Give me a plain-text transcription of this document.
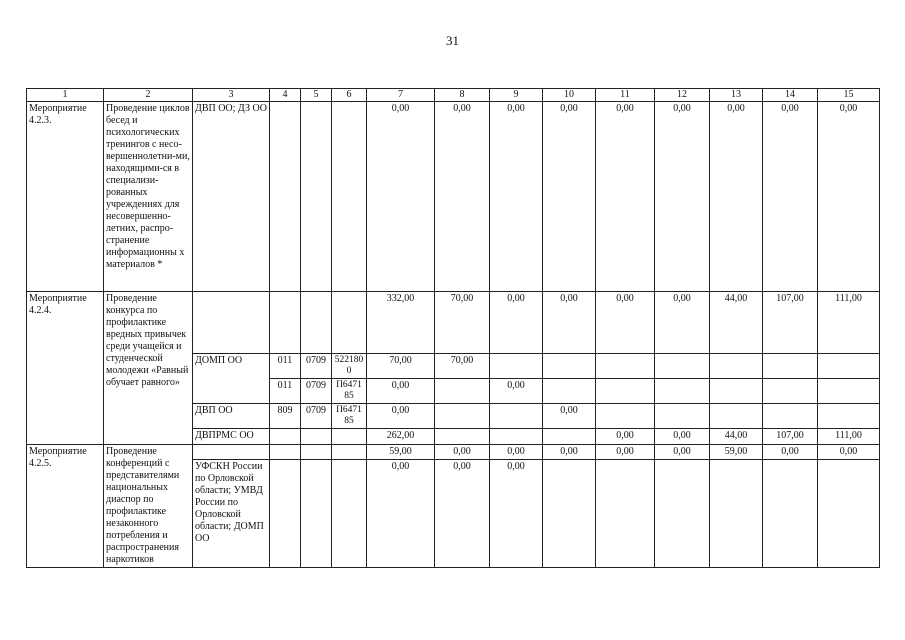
31
1	2	3	4	5	6	7	8	9	10	11	12	13	14	15
Мероприятие 4.2.3.	Проведение циклов бесед и психологических тренингов с несо-вершеннолетни-ми, находящими-ся в специализи-рованных учреждениях для несовершенно-летних, распро-странение информационны х материалов *	ДВП ОО; ДЗ ОО				0,00	0,00	0,00	0,00	0,00	0,00	0,00	0,00	0,00
Мероприятие 4.2.4.	Проведение конкурса по профилактике вредных привычек среди учащейся и студенческой молодежи «Равный обучает равного»					332,00	70,00	0,00	0,00	0,00	0,00	44,00	107,00	111,00
		ДОМП ОО	011	0709	5221800	70,00	70,00							
			011	0709	П647185	0,00		0,00						
		ДВП ОО	809	0709	П647185	0,00			0,00					
		ДВПРМС ОО				262,00				0,00	0,00	44,00	107,00	111,00
Мероприятие 4.2.5.	Проведение конференций с представителями национальных диаспор по профилактике незаконного потребления и распространения наркотиков					59,00	0,00	0,00	0,00	0,00	0,00	59,00	0,00	0,00
		УФСКН России по Орловской области; УМВД России по Орловской области; ДОМП ОО				0,00	0,00	0,00						
